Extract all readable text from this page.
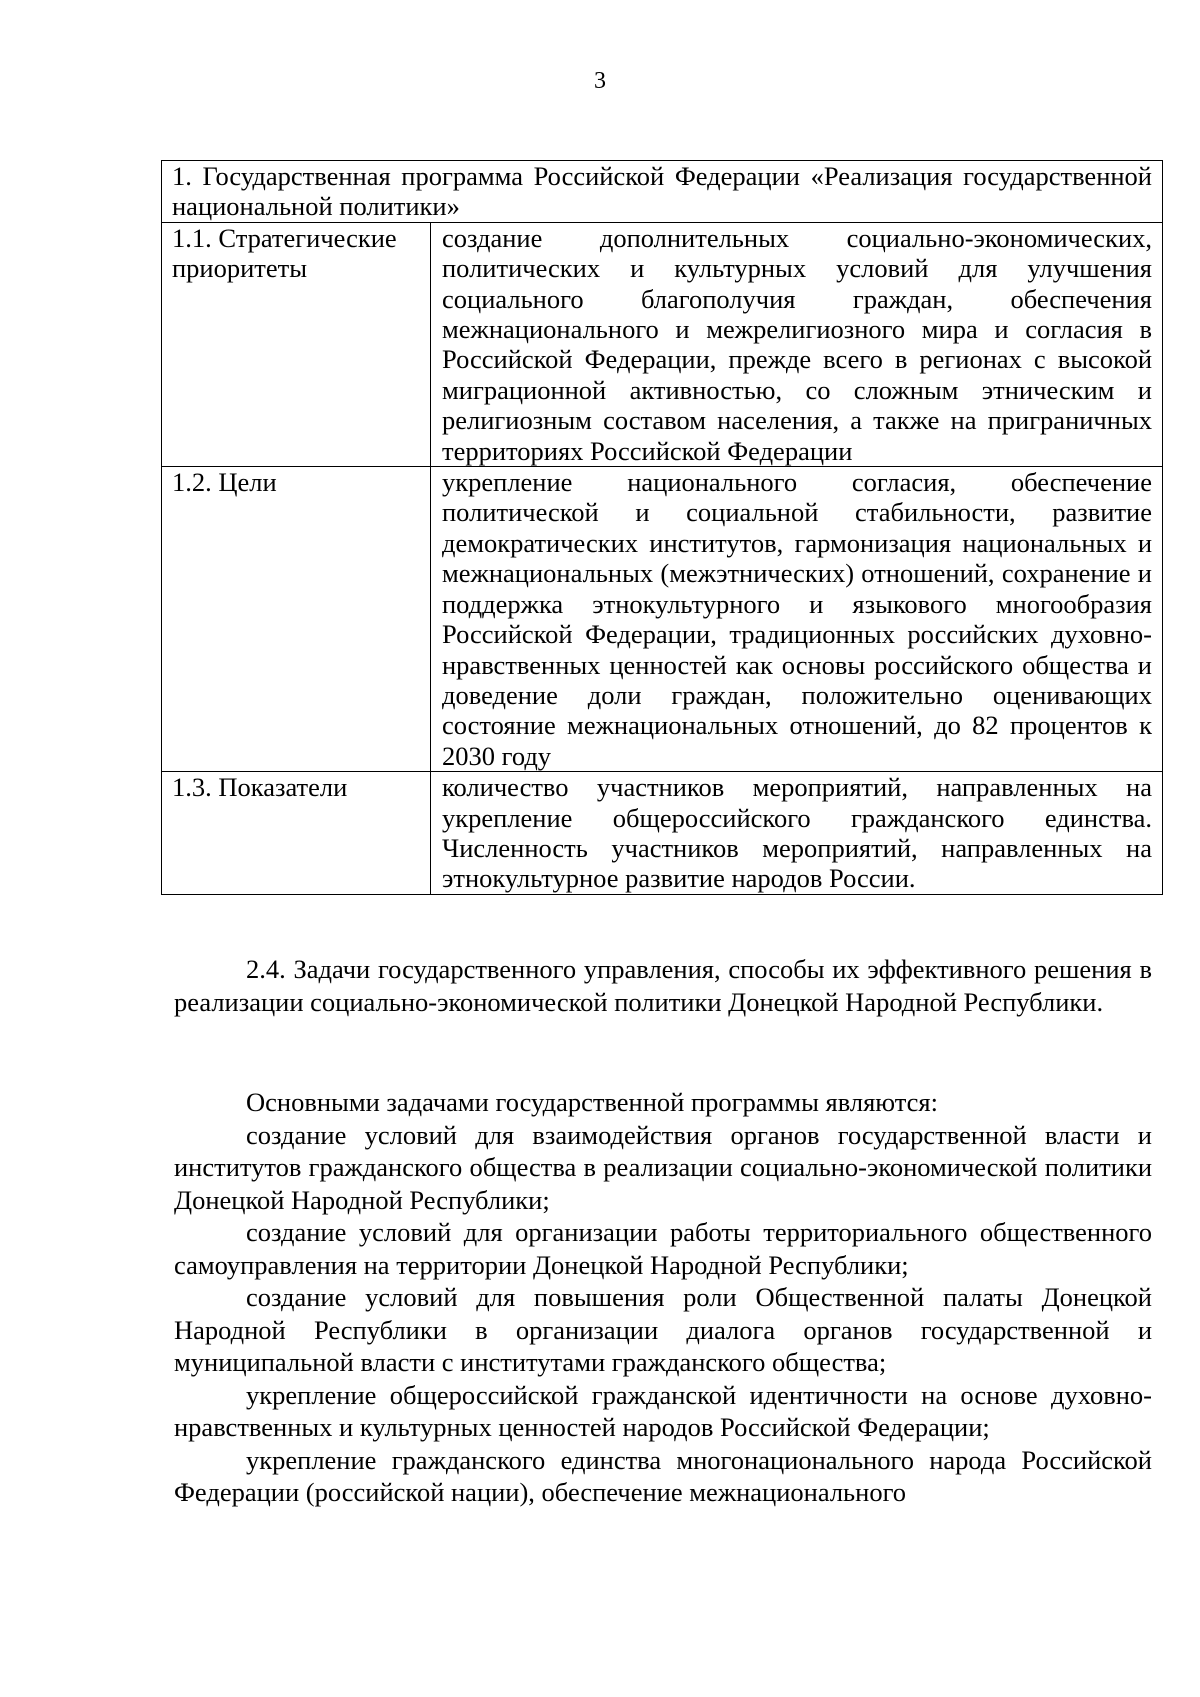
3
1. Государственная программа Российской Федерации «Реализация государственной национальной политики»	
1.1. Стратегические приоритеты	создание дополнительных социально-экономических, политических и культурных условий для улучшения социального благополучия граждан, обеспечения межнационального и межрелигиозного мира и согласия в Российской Федерации, прежде всего в регионах с высокой миграционной активностью, со сложным этническим и религиозным составом населения, а также на приграничных территориях Российской Федерации
1.2. Цели	укрепление национального согласия, обеспечение политической и социальной стабильности, развитие демократических институтов, гармонизация национальных и межнациональных (межэтнических) отношений, сохранение и поддержка этнокультурного и языкового многообразия Российской Федерации, традиционных российских духовно-нравственных ценностей как основы российского общества и доведение доли граждан, положительно оценивающих состояние межнациональных отношений, до 82 процентов к 2030 году
1.3. Показатели	количество участников мероприятий, направленных на укрепление общероссийского гражданского единства. Численность участников мероприятий, направленных на этнокультурное развитие народов России.

2.4. Задачи государственного управления, способы их эффективного решения в реализации социально-экономической политики Донецкой Народной Республики.

Основными задачами государственной программы являются:

создание условий для взаимодействия органов государственной власти и институтов гражданского общества в реализации социально-экономической политики Донецкой Народной Республики;

создание условий для организации работы территориального общественного самоуправления на территории Донецкой Народной Республики;

создание условий для повышения роли Общественной палаты Донецкой Народной Республики в организации диалога органов государственной и муниципальной власти с институтами гражданского общества;

укрепление общероссийской гражданской идентичности на основе духовно-нравственных и культурных ценностей народов Российской Федерации;

укрепление гражданского единства многонационального народа Российской Федерации (российской нации), обеспечение межнационального
